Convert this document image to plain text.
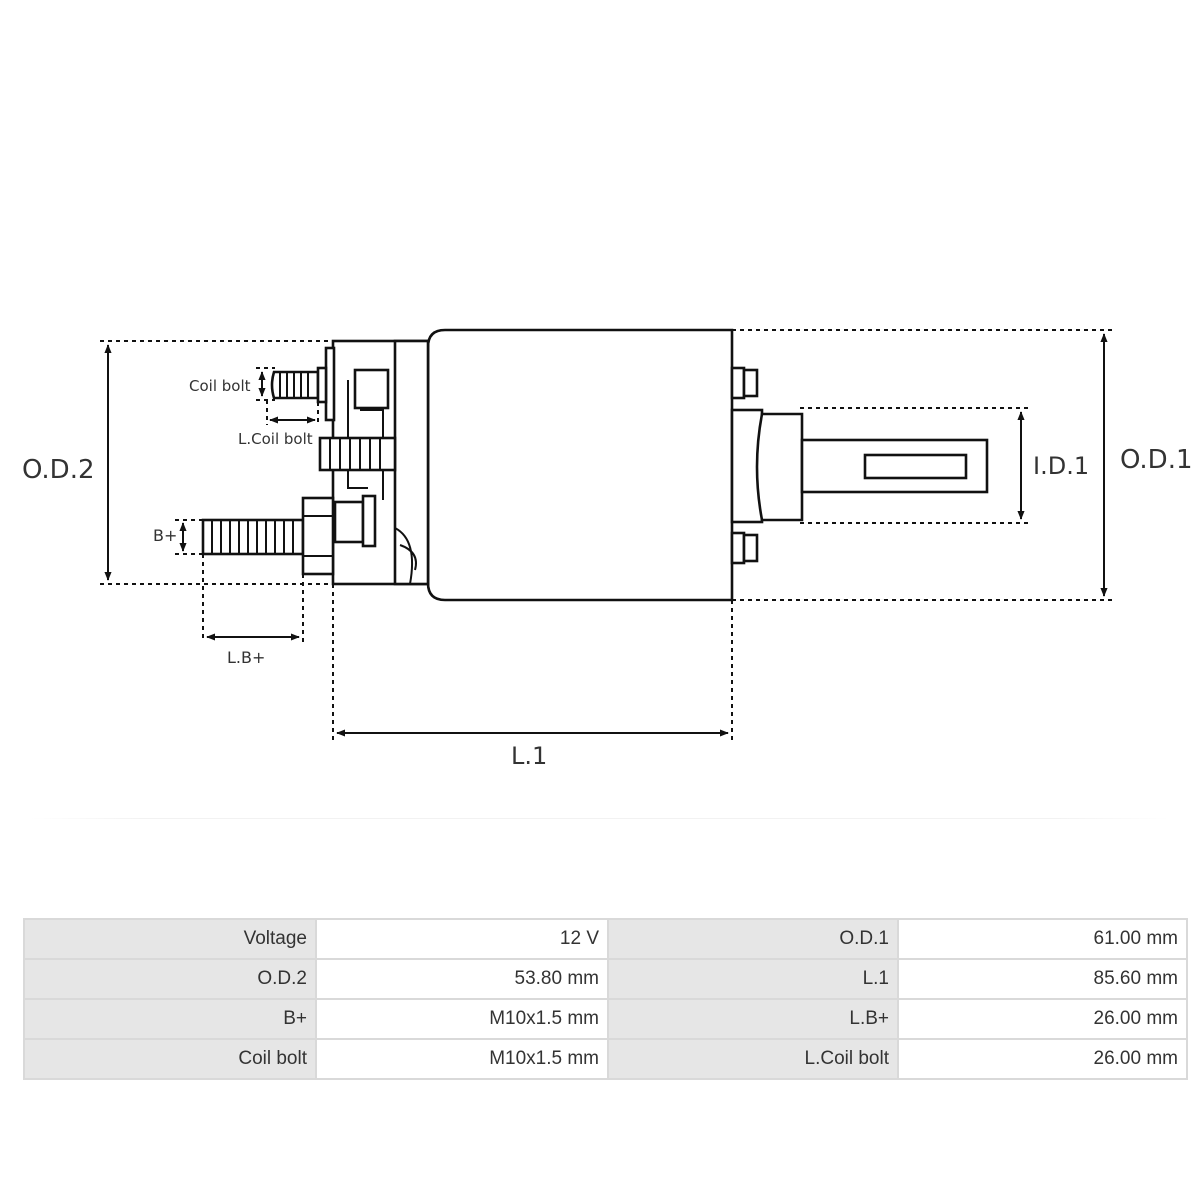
O.D.2	O.D.1
I.D.1
L.1
Coil bolt
L.Coil bolt
B+
L.B+
Voltage	12 V	O.D.1	61.00 mm
O.D.2	53.80 mm	L.1	85.60 mm
B+	M10x1.5 mm	L.B+	26.00 mm
Coil bolt	M10x1.5 mm	L.Coil bolt	26.00 mm
